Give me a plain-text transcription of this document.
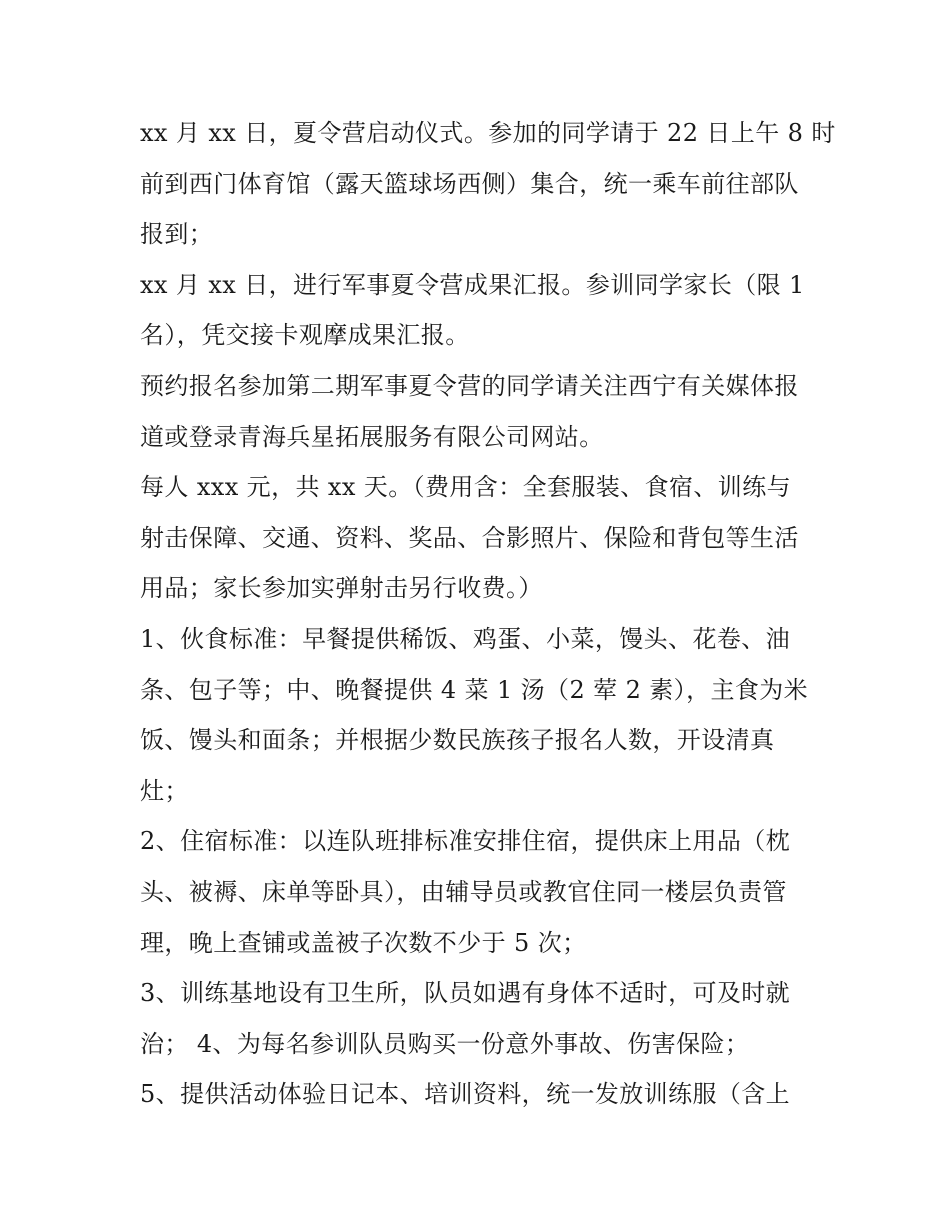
xx 月 xx 日，夏令营启动仪式。参加的同学请于 22 日上午 8 时
前到西门体育馆（露天篮球场西侧）集合，统一乘车前往部队
报到；
xx 月 xx 日，进行军事夏令营成果汇报。参训同学家长（限 1
名），凭交接卡观摩成果汇报。
预约报名参加第二期军事夏令营的同学请关注西宁有关媒体报
道或登录青海兵星拓展服务有限公司网站。
每人 xxx 元，共 xx 天。（费用含：全套服装、食宿、训练与
射击保障、交通、资料、奖品、合影照片、保险和背包等生活
用品；家长参加实弹射击另行收费。）
1、伙食标准：早餐提供稀饭、鸡蛋、小菜，馒头、花卷、油
条、包子等；中、晚餐提供 4 菜 1 汤（2 荤 2 素），主食为米
饭、馒头和面条；并根据少数民族孩子报名人数，开设清真
灶；
2、住宿标准：以连队班排标准安排住宿，提供床上用品（枕
头、被褥、床单等卧具），由辅导员或教官住同一楼层负责管
理，晚上查铺或盖被子次数不少于 5 次；
3、训练基地设有卫生所，队员如遇有身体不适时，可及时就
治； 4、为每名参训队员购买一份意外事故、伤害保险；
5、提供活动体验日记本、培训资料，统一发放训练服（含上
